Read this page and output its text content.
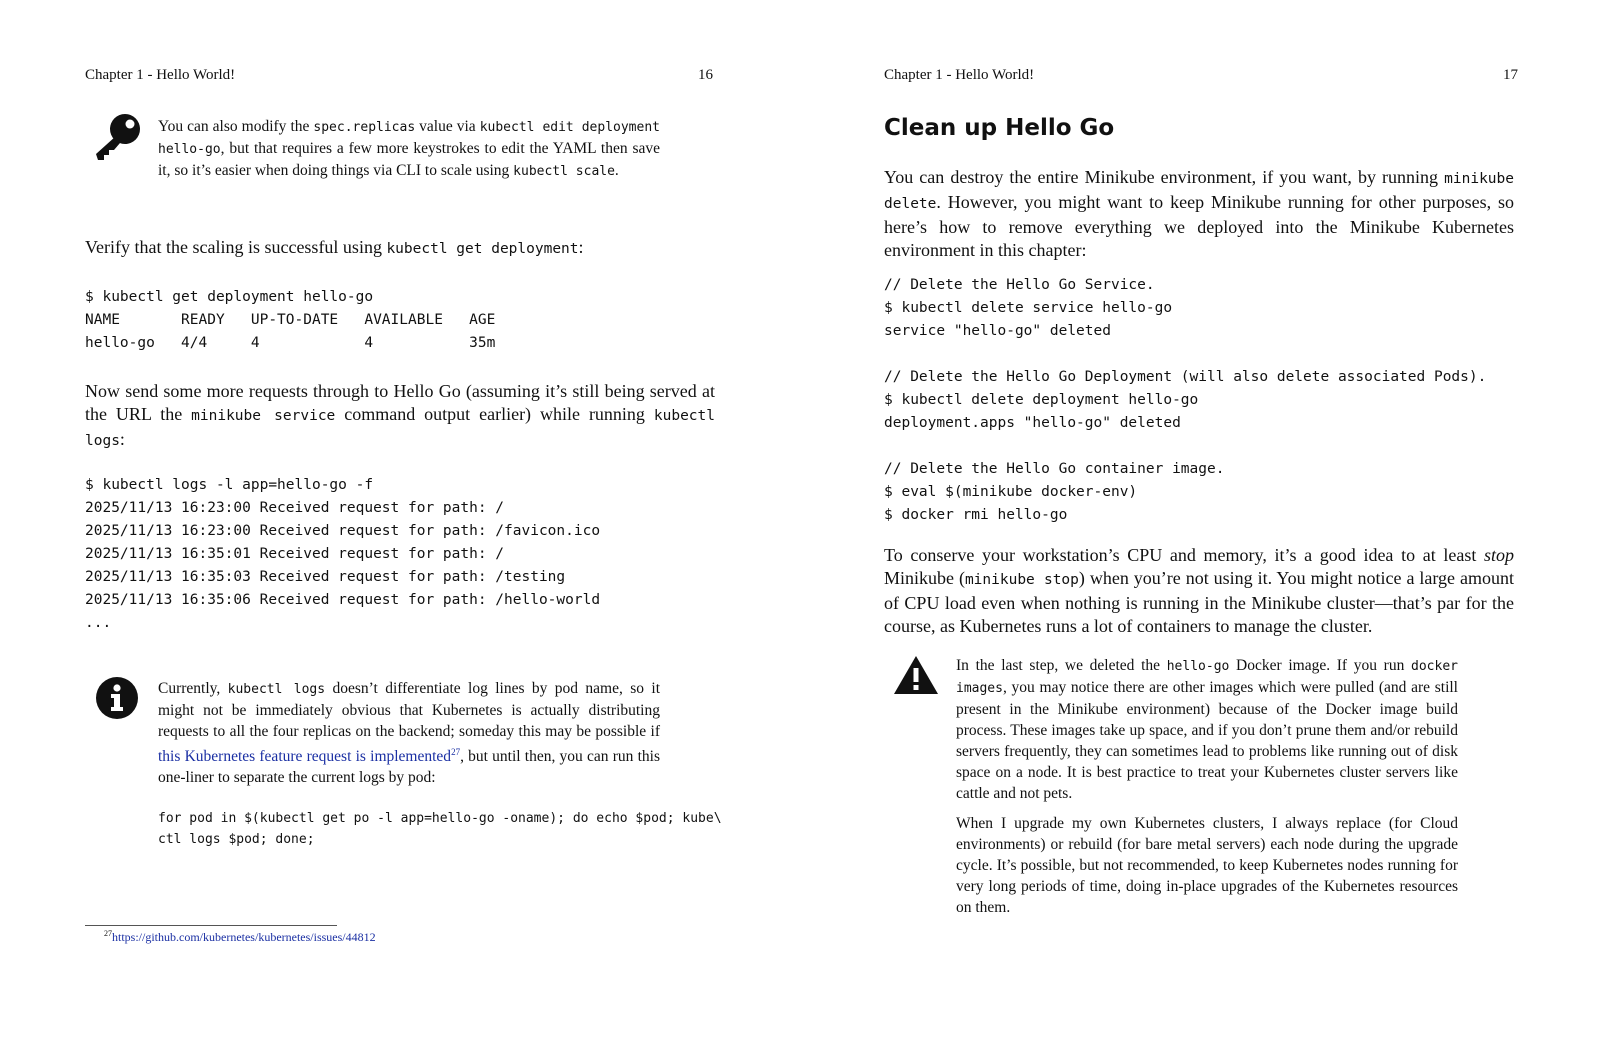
Chapter 1 - Hello World!	16
You can also modify the spec.replicas value via kubectl edit deployment hello-go, but that requires a few more keystrokes to edit the YAML then save it, so it’s easier when doing things via CLI to scale using kubectl scale.
Verify that the scaling is successful using kubectl get deployment:
$ kubectl get deployment hello-go
NAME       READY   UP-TO-DATE   AVAILABLE   AGE
hello-go   4/4     4            4           35m
Now send some more requests through to Hello Go (assuming it’s still being served at the URL the minikube service command output earlier) while running kubectl logs:
$ kubectl logs -l app=hello-go -f
2025/11/13 16:23:00 Received request for path: /
2025/11/13 16:23:00 Received request for path: /favicon.ico
2025/11/13 16:35:01 Received request for path: /
2025/11/13 16:35:03 Received request for path: /testing
2025/11/13 16:35:06 Received request for path: /hello-world
...
Currently, kubectl logs doesn’t differentiate log lines by pod name, so it might not be immediately obvious that Kubernetes is actually distributing requests to all the four replicas on the backend; someday this may be possible if this Kubernetes feature request is implemented$^{27}$, but until then, you can run this one-liner to separate the current logs by pod:
for pod in $(kubectl get po -l app=hello-go -oname); do echo $pod; kube\
ctl logs $pod; done;
$^{27}$https://github.com/kubernetes/kubernetes/issues/44812
Chapter 1 - Hello World!	17
Clean up Hello Go
You can destroy the entire Minikube environment, if you want, by running minikube delete. However, you might want to keep Minikube running for other purposes, so here’s how to remove everything we deployed into the Minikube Kubernetes environment in this chapter:
// Delete the Hello Go Service.
$ kubectl delete service hello-go
service "hello-go" deleted
// Delete the Hello Go Deployment (will also delete associated Pods).
$ kubectl delete deployment hello-go
deployment.apps "hello-go" deleted
// Delete the Hello Go container image.
$ eval $(minikube docker-env)
$ docker rmi hello-go
To conserve your workstation’s CPU and memory, it’s a good idea to at least stop Minikube (minikube stop) when you’re not using it. You might notice a large amount of CPU load even when nothing is running in the Minikube cluster—that’s par for the course, as Kubernetes runs a lot of containers to manage the cluster.
In the last step, we deleted the hello-go Docker image. If you run docker images, you may notice there are other images which were pulled (and are still present in the Minikube environment) because of the Docker image build process. These images take up space, and if you don’t prune them and/or rebuild servers frequently, they can sometimes lead to problems like running out of disk space on a node. It is best practice to treat your Kubernetes cluster servers like cattle and not pets.
When I upgrade my own Kubernetes clusters, I always replace (for Cloud environments) or rebuild (for bare metal servers) each node during the upgrade cycle. It’s possible, but not recommended, to keep Kubernetes nodes running for very long periods of time, doing in-place upgrades of the Kubernetes resources on them.
